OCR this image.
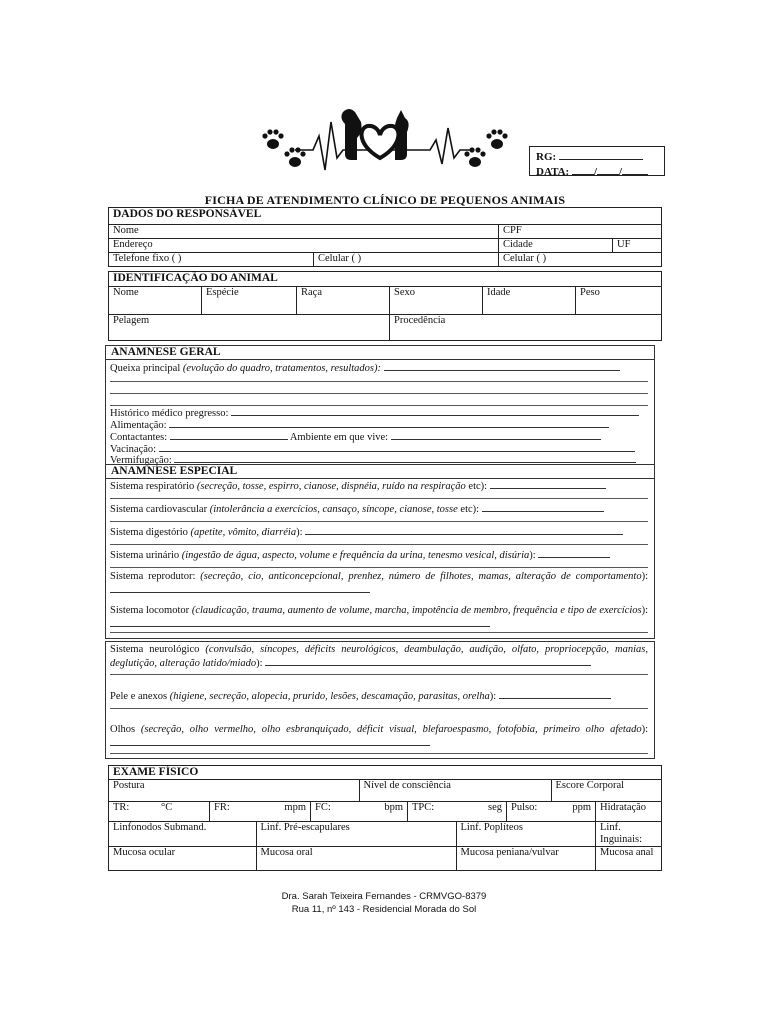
RG:
DATA: / /
FICHA DE ATENDIMENTO CLÍNICO DE PEQUENOS ANIMAIS
DADOS DO RESPONSÁVEL			
Nome		CPF	
Endereço		Cidade	UF
Telefone fixo ( )	Celular ( )	Celular ( )	
IDENTIFICAÇÃO DO ANIMAL					
Nome	Espécie	Raça	Sexo	Idade	Peso
Pelagem			Procedência		
ANAMNESE GERAL
Queixa principal (evolução do quadro, tratamentos, resultados):
Histórico médico pregresso:
Alimentação:
Contactantes:	Ambiente em que vive:
Vacinação:
Vermifugação:
ANAMNESE ESPECIAL
Sistema respiratório (secreção, tosse, espirro, cianose, dispnéia, ruído na respiração etc):
Sistema cardiovascular (intolerância a exercícios, cansaço, síncope, cianose, tosse etc):
Sistema digestório (apetite, vômito, diarréia):
Sistema urinário (ingestão de água, aspecto, volume e frequência da urina, tenesmo vesical, disúria):
Sistema reprodutor: (secreção, cio, anticoncepcional, prenhez, número de filhotes, mamas, alteração de comportamento):
Sistema locomotor (claudicação, trauma, aumento de volume, marcha, impotência de membro, frequência e tipo de exercícios):
Sistema neurológico (convulsão, síncopes, déficits neurológicos, deambulação, audição, olfato, propriocepção, manias, deglutição, alteração latido/miado):
Pele e anexos (higiene, secreção, alopecia, prurido, lesões, descamação, parasitas, orelha):
Olhos (secreção, olho vermelho, olho esbranquiçado, déficit visual, blefaroespasmo, fotofobia, primeiro olho afetado):
EXAME FÍSICO										
Postura					Nível de consciência				Escore Corporal	
TR:	°C	FR:	mpm	FC:	bpm	TPC:	seg	Pulso:	ppm	Hidratação
Linfonodos Submand.			Linf. Pré-escapulares				Linf. Poplíteos			Linf. Inguinais:
Mucosa ocular			Mucosa oral				Mucosa peniana/vulvar			Mucosa anal
Dra. Sarah Teixeira Fernandes - CRMVGO-8379
Rua 11, nº 143 - Residencial Morada do Sol
